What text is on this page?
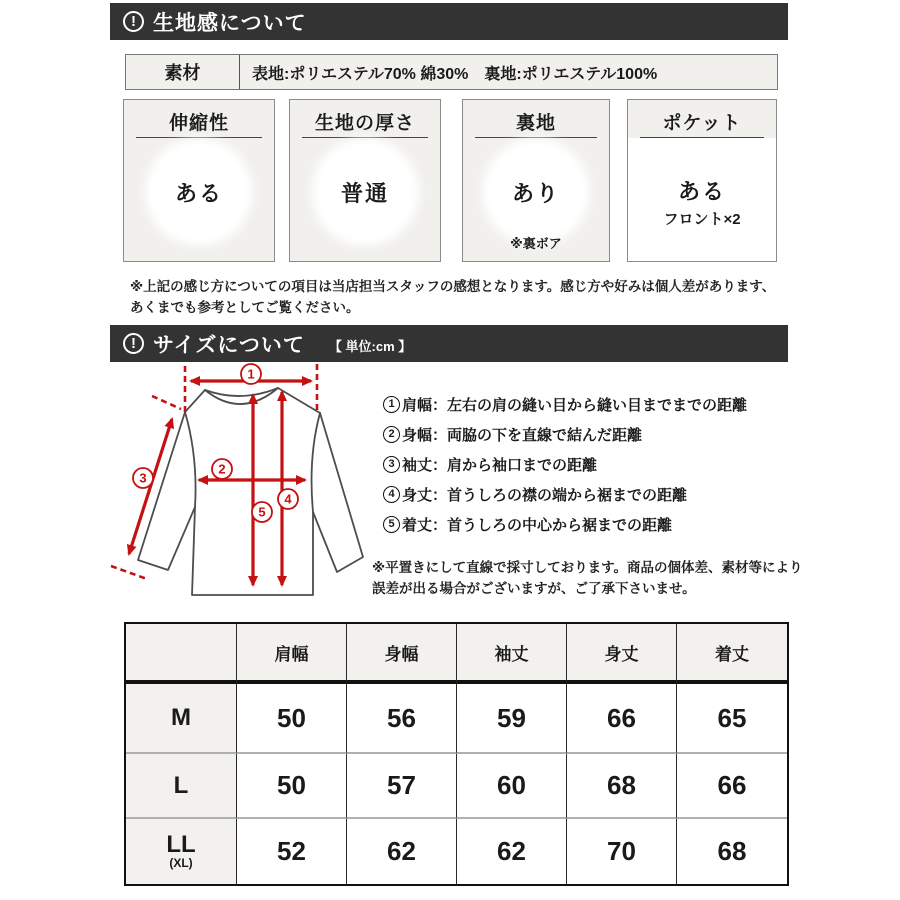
! 生地感について
素材	表地:ポリエステル70% 綿30%　裏地:ポリエステル100%
伸縮性
ある
生地の厚さ
普通
裏地
あり
※裏ボア
ポケット
ある
フロント×2
※上記の感じ方についての項目は当店担当スタッフの感想となります。感じ方や好みは個人差があります、
あくまでも参考としてご覧ください。
! サイズについて 【 単位:cm 】
1
2
3
4
5
1 肩幅：左右の肩の縫い目から縫い目までまでの距離
2 身幅：両脇の下を直線で結んだ距離
3 袖丈：肩から袖口までの距離
4 身丈：首うしろの襟の端から裾までの距離
5 着丈：首うしろの中心から裾までの距離
※平置きにして直線で採寸しております。商品の個体差、素材等により
誤差が出る場合がございますが、ご了承下さいませ。
肩幅	身幅	袖丈	身丈	着丈
M	50	56	59	66	65
L	50	57	60	68	66
LL
(XL)	52	62	62	70	68
